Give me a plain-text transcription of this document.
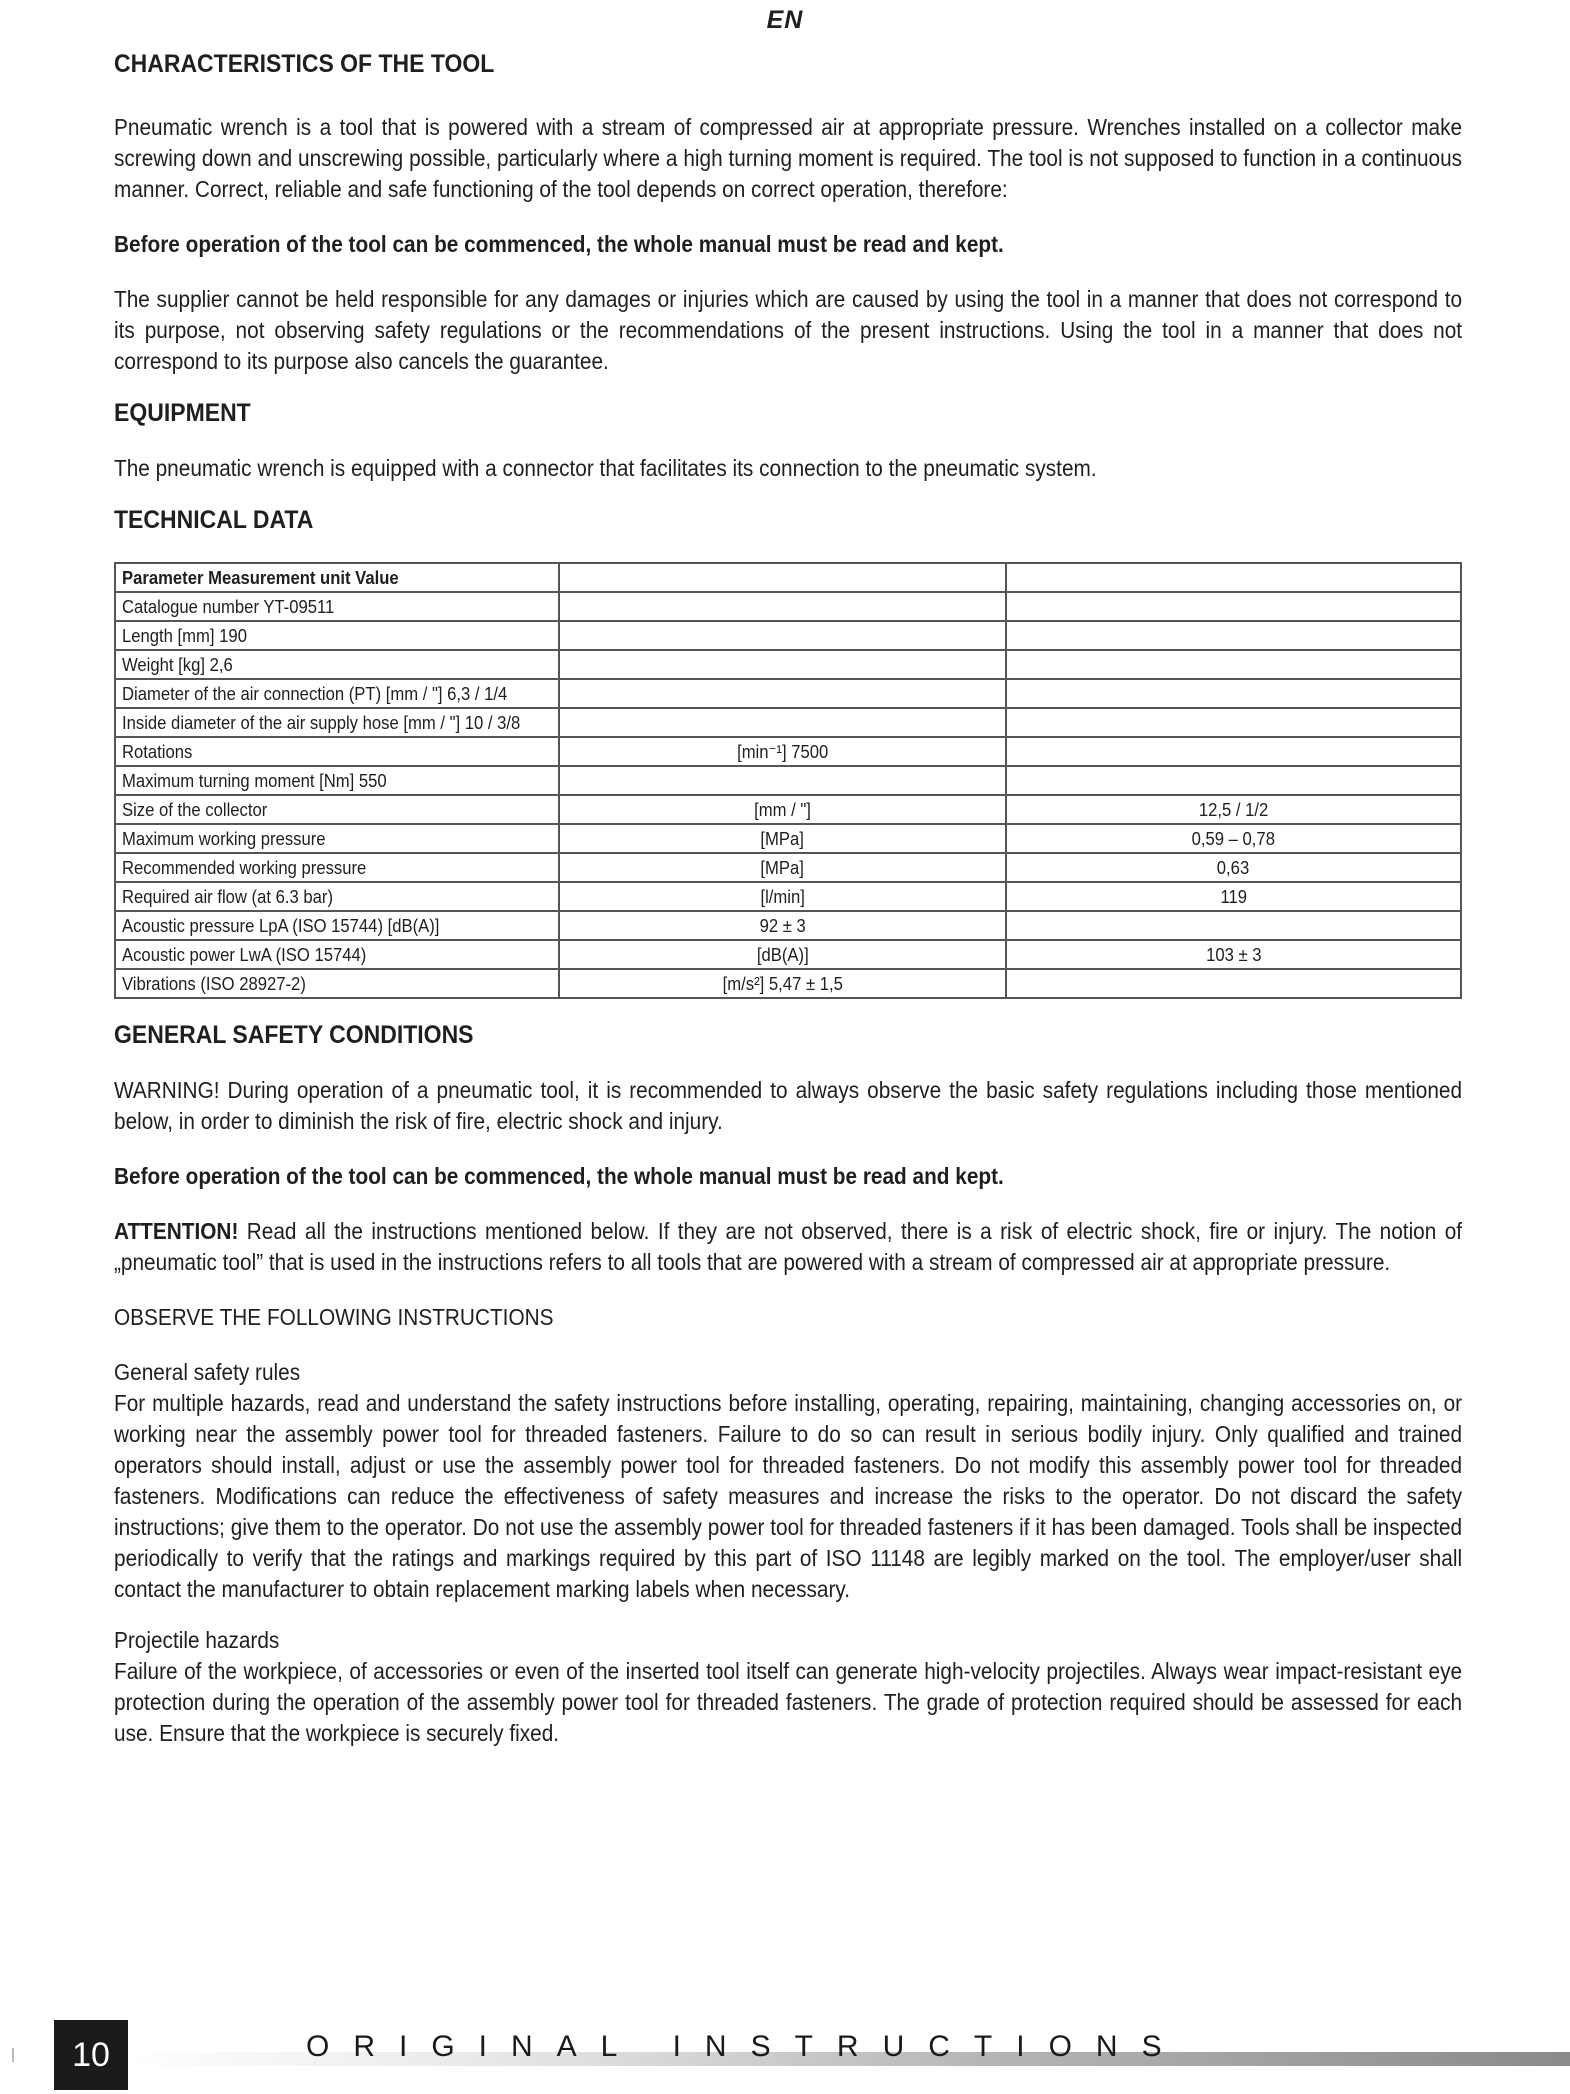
EN
CHARACTERISTICS OF THE TOOL

Pneumatic wrench is a tool that is powered with a stream of compressed air at appropriate pressure. Wrenches installed on a collector make screwing down and unscrewing possible, particularly where a high turning moment is required. The tool is not supposed to function in a continuous manner. Correct, reliable and safe functioning of the tool depends on correct operation, therefore:

Before operation of the tool can be commenced, the whole manual must be read and kept.

The supplier cannot be held responsible for any damages or injuries which are caused by using the tool in a manner that does not correspond to its purpose, not observing safety regulations or the recommendations of the present instructions. Using the tool in a manner that does not correspond to its purpose also cancels the guarantee.

EQUIPMENT

The pneumatic wrench is equipped with a connector that facilitates its connection to the pneumatic system.

TECHNICAL DATA
Parameter Measurement unit Value		
Catalogue number YT-09511		
Length [mm] 190		
Weight [kg] 2,6		
Diameter of the air connection (PT) [mm / "] 6,3 / 1/4		
Inside diameter of the air supply hose [mm / "] 10 / 3/8		
Rotations	[min⁻¹] 7500	
Maximum turning moment [Nm] 550		
Size of the collector	[mm / "]	12,5 / 1/2
Maximum working pressure	[MPa]	0,59 – 0,78
Recommended working pressure	[MPa]	0,63
Required air flow (at 6.3 bar)	[l/min]	119
Acoustic pressure LpA (ISO 15744) [dB(A)]	92 ± 3	
Acoustic power LwA (ISO 15744)	[dB(A)]	103 ± 3
Vibrations (ISO 28927-2)	[m/s²] 5,47 ± 1,5	
GENERAL SAFETY CONDITIONS

WARNING! During operation of a pneumatic tool, it is recommended to always observe the basic safety regulations including those mentioned below, in order to diminish the risk of fire, electric shock and injury.

Before operation of the tool can be commenced, the whole manual must be read and kept.

ATTENTION! Read all the instructions mentioned below. If they are not observed, there is a risk of electric shock, fire or injury. The notion of „pneumatic tool” that is used in the instructions refers to all tools that are powered with a stream of compressed air at appropriate pressure.

OBSERVE THE FOLLOWING INSTRUCTIONS

General safety rules

For multiple hazards, read and understand the safety instructions before installing, operating, repairing, maintaining, changing accessories on, or working near the assembly power tool for threaded fasteners. Failure to do so can result in serious bodily injury. Only qualified and trained operators should install, adjust or use the assembly power tool for threaded fasteners. Do not modify this assembly power tool for threaded fasteners. Modifications can reduce the effectiveness of safety measures and increase the risks to the operator. Do not discard the safety instructions; give them to the operator. Do not use the assembly power tool for threaded fasteners if it has been damaged. Tools shall be inspected periodically to verify that the ratings and markings required by this part of ISO 11148 are legibly marked on the tool. The employer/user shall contact the manufacturer to obtain replacement marking labels when necessary.

Projectile hazards

Failure of the workpiece, of accessories or even of the inserted tool itself can generate high-velocity projectiles. Always wear impact-resistant eye protection during the operation of the assembly power tool for threaded fasteners. The grade of protection required should be assessed for each use. Ensure that the workpiece is securely fixed.

10	ORIGINAL INSTRUCTIONS
